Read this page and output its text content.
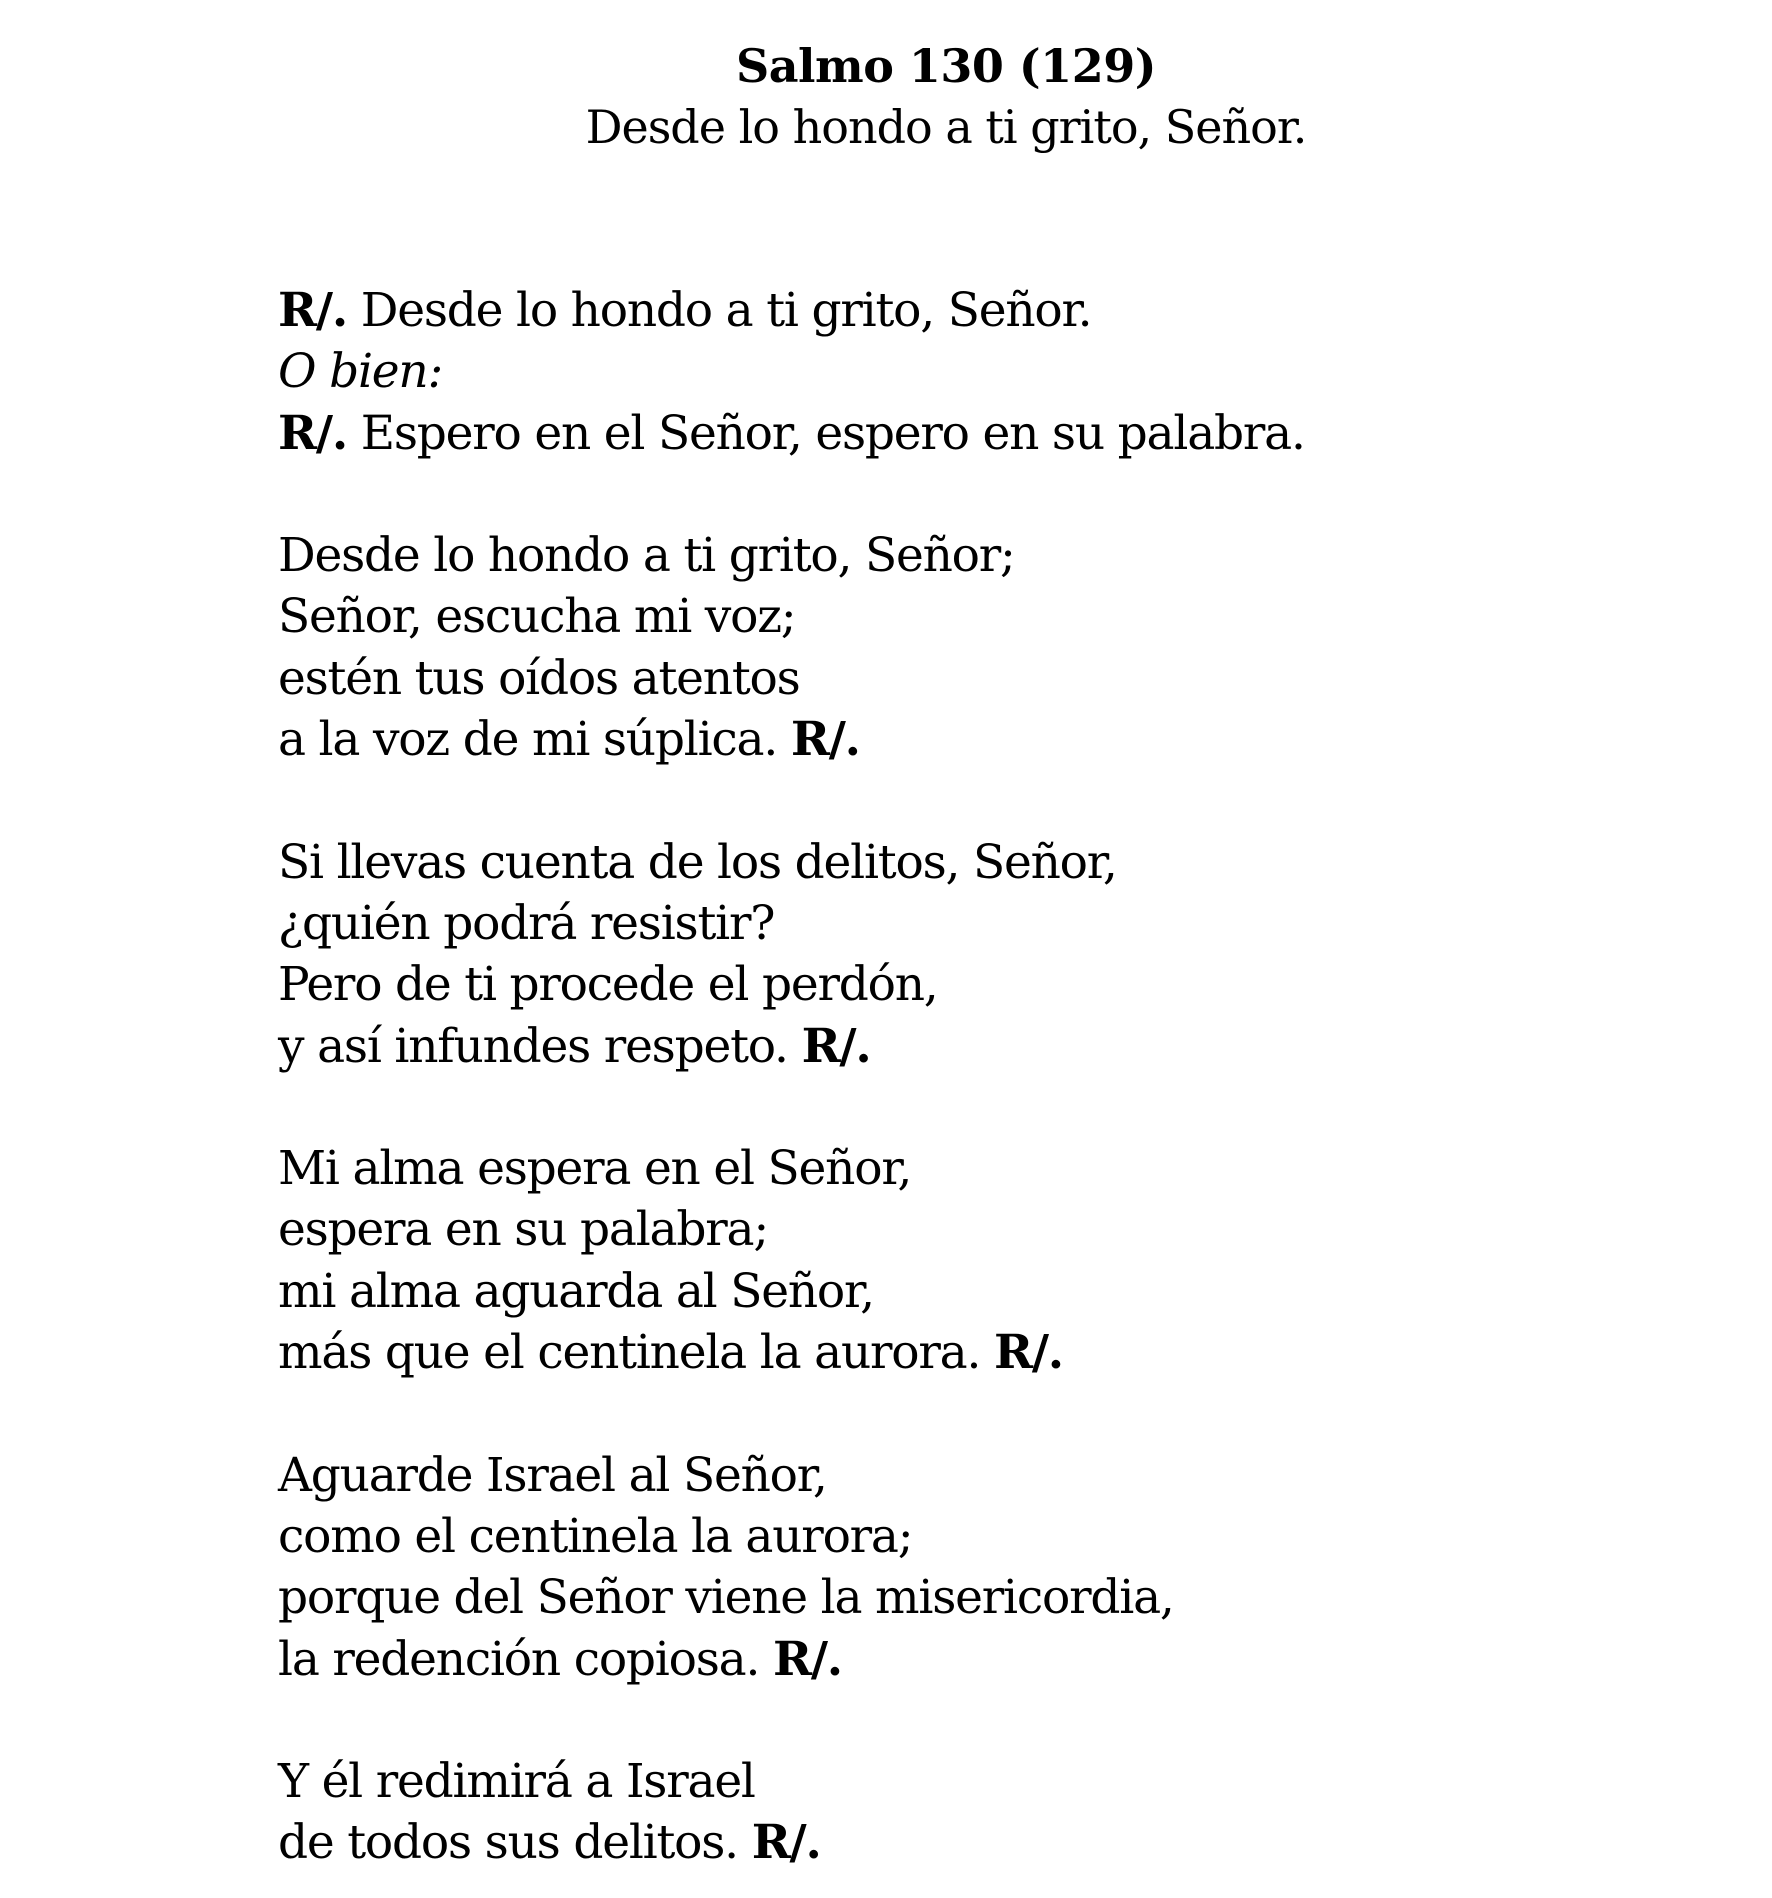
Salmo 130 (129)
Desde lo hondo a ti grito, Señor.
R/. Desde lo hondo a ti grito, Señor.
O bien:
R/. Espero en el Señor, espero en su palabra.
Desde lo hondo a ti grito, Señor;
Señor, escucha mi voz;
estén tus oídos atentos
a la voz de mi súplica. R/.
Si llevas cuenta de los delitos, Señor,
¿quién podrá resistir?
Pero de ti procede el perdón,
y así infundes respeto. R/.
Mi alma espera en el Señor,
espera en su palabra;
mi alma aguarda al Señor,
más que el centinela la aurora. R/.
Aguarde Israel al Señor,
como el centinela la aurora;
porque del Señor viene la misericordia,
la redención copiosa. R/.
Y él redimirá a Israel
de todos sus delitos. R/.
